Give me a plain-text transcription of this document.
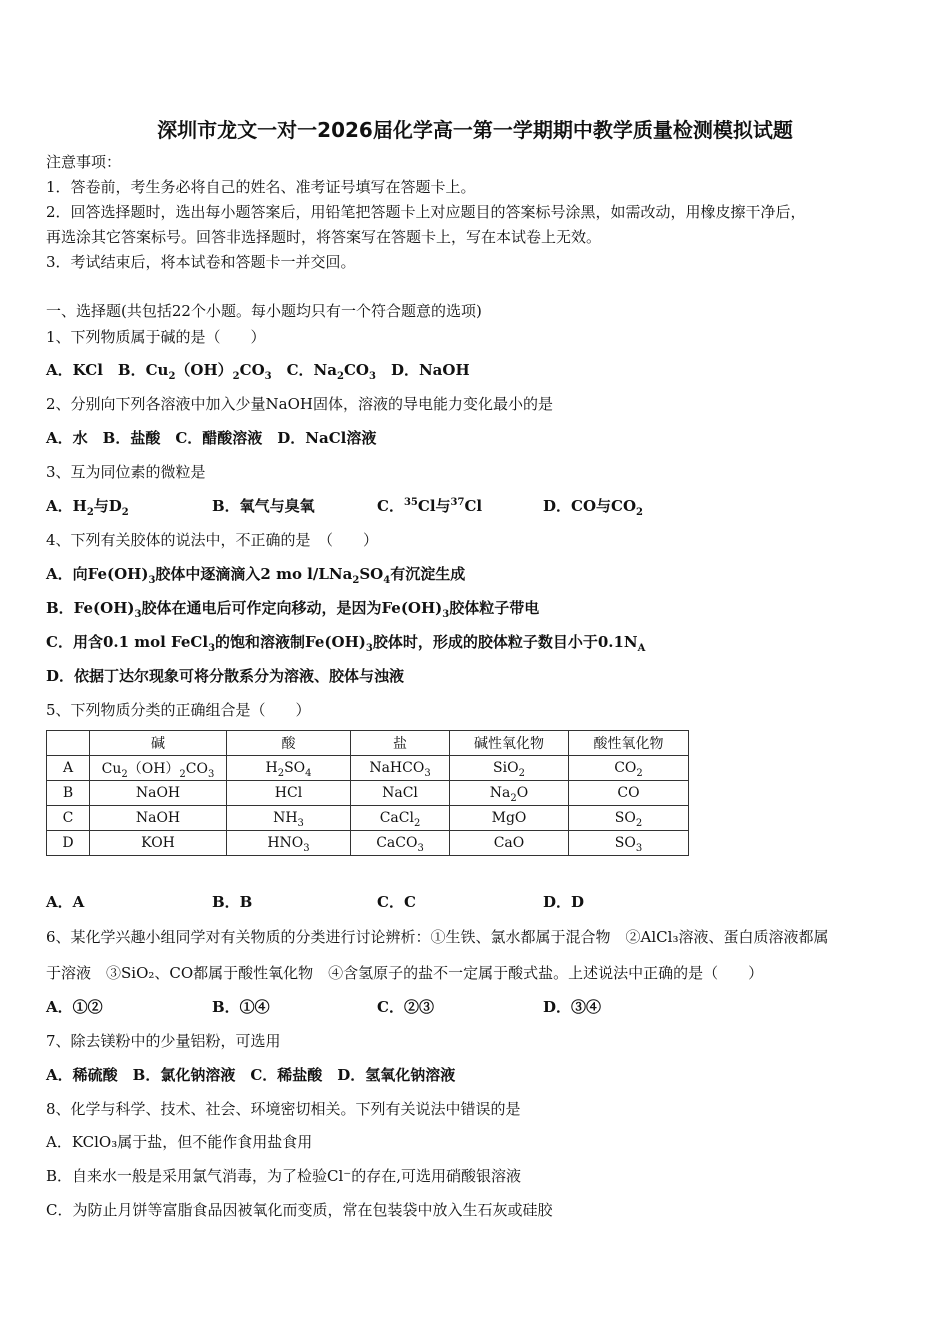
深圳市龙文一对一2026届化学高一第一学期期中教学质量检测模拟试题
注意事项：
1．答卷前，考生务必将自己的姓名、准考证号填写在答题卡上。
2．回答选择题时，选出每小题答案后，用铅笔把答题卡上对应题目的答案标号涂黑，如需改动，用橡皮擦干净后，
再选涂其它答案标号。回答非选择题时，将答案写在答题卡上，写在本试卷上无效。
3．考试结束后，将本试卷和答题卡一并交回。
一、选择题(共包括22个小题。每小题均只有一个符合题意的选项)
1、下列物质属于碱的是（　　）
A．KCl　B．$Cu_2(OH)_2CO_3$　C．$Na_2CO_3$　D．NaOH
2、分别向下列各溶液中加入少量NaOH固体，溶液的导电能力变化最小的是
A．水　B．盐酸　C．醋酸溶液　D．NaCl溶液
3、互为同位素的微粒是
A．$H_2$与$D_2$	B．氧气与臭氧	C．$^{35}$Cl与$^{37}$Cl	D．CO与$CO_2$
4、下列有关胶体的说法中，不正确的是　（　　）
A．向$Fe(OH)_3$胶体中逐滴滴入2 mo $l/LNa_2SO_4$有沉淀生成
B．$Fe(OH)_3$胶体在通电后可作定向移动，是因为$Fe(OH)_3$胶体粒子带电
C．用含0.1 mol FeCl$_3$的饱和溶液制$Fe(OH)_3$胶体时，形成的胶体粒子数目小于$0.1N_A$
D．依据丁达尔现象可将分散系分为溶液、胶体与浊液
5、下列物质分类的正确组合是（　　）
	碱	酸	盐	碱性氧化物	酸性氧化物
A	$Cu_2(OH)_2CO_3$	$H_2SO_4$	NaHCO$_3$	SiO$_2$	$CO_2$
B	NaOH	HCl	NaCl	$Na_2O$	CO
C	NaOH	$NH_3$	CaCl$_2$	MgO	$SO_2$
D	KOH	$HNO_3$	CaCO$_3$	CaO	$SO_3$
A．A	B．B	C．C	D．D
6、某化学兴趣小组同学对有关物质的分类进行讨论辨析：①生铁、氯水都属于混合物　②AlCl₃溶液、蛋白质溶液都属
于溶液　③SiO₂、CO都属于酸性氧化物　④含氢原子的盐不一定属于酸式盐。上述说法中正确的是（　　）
A．①②	B．①④	C．②③	D．③④
7、除去镁粉中的少量铝粉，可选用
A．稀硫酸　B．氯化钠溶液　C．稀盐酸　D．氢氧化钠溶液
8、化学与科学、技术、社会、环境密切相关。下列有关说法中错误的是
A．KClO₃属于盐，但不能作食用盐食用
B．自来水一般是采用氯气消毒，为了检验Cl⁻的存在,可选用硝酸银溶液
C．为防止月饼等富脂食品因被氧化而变质，常在包装袋中放入生石灰或硅胶
